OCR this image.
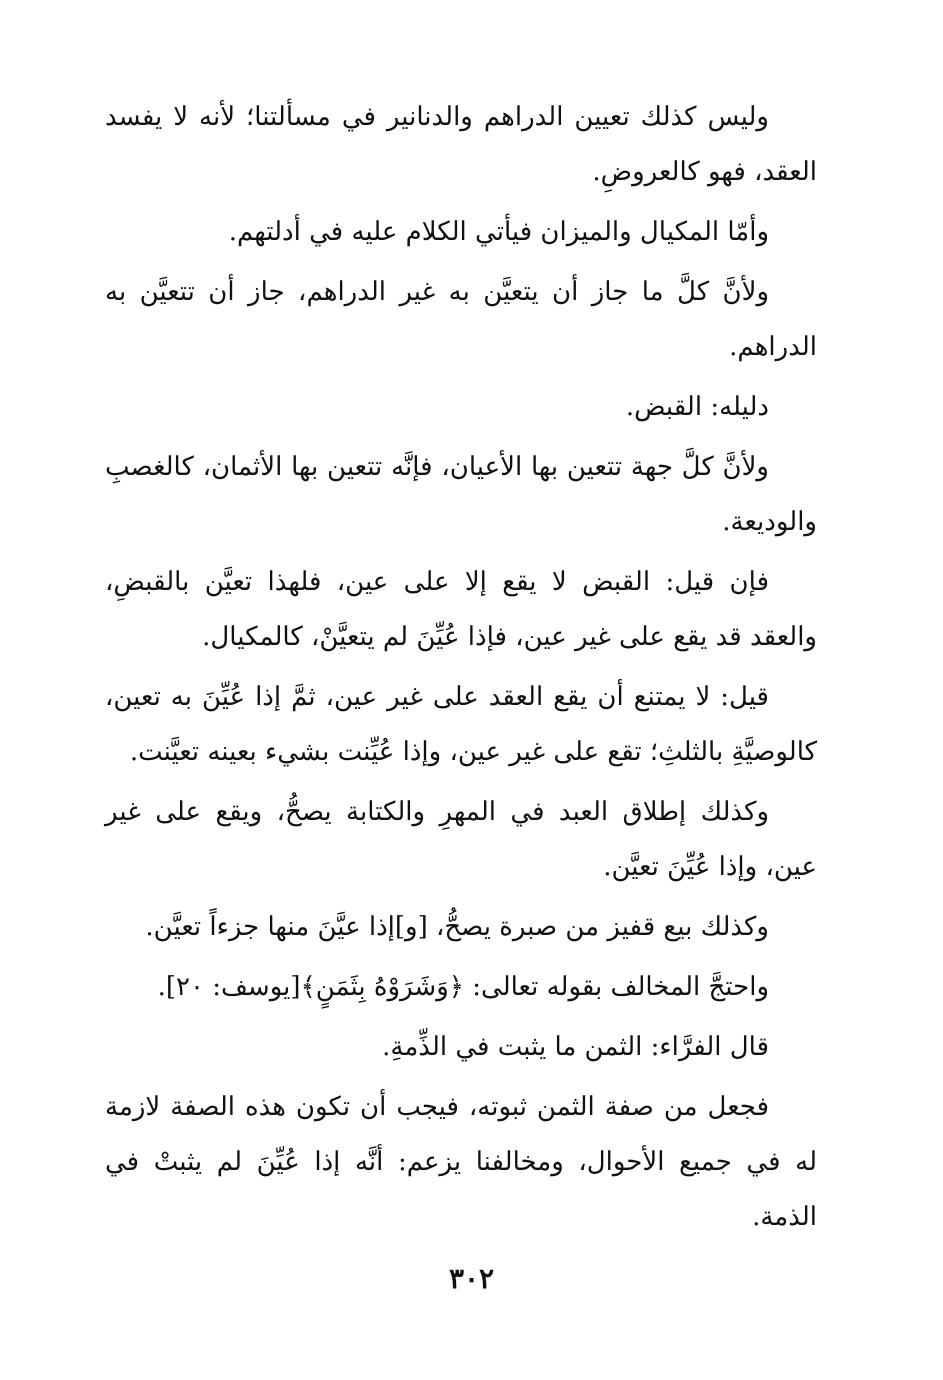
وليس كذلك تعيين الدراهم والدنانير في مسألتنا؛ لأنه لا يفسد العقد، فهو كالعروضِ.

وأمّا المكيال والميزان فيأتي الكلام عليه في أدلتهم.

ولأنَّ كلَّ ما جاز أن يتعيَّن به غير الدراهم، جاز أن تتعيَّن به الدراهم.

دليله: القبض.

ولأنَّ كلَّ جهة تتعين بها الأعيان، فإنَّه تتعين بها الأثمان، كالغصبِ والوديعة.

فإن قيل: القبض لا يقع إلا على عين، فلهذا تعيَّن بالقبضِ، والعقد قد يقع على غير عين، فإذا عُيِّنَ لم يتعيَّنْ، كالمكيال.

قيل: لا يمتنع أن يقع العقد على غير عين، ثمَّ إذا عُيِّنَ به تعين، كالوصيَّةِ بالثلثِ؛ تقع على غير عين، وإذا عُيِّنت بشيء بعينه تعيَّنت.

وكذلك إطلاق العبد في المهرِ والكتابة يصحُّ، ويقع على غير عين، وإذا عُيِّنَ تعيَّن.

وكذلك بيع قفيز من صبرة يصحُّ، [و]إذا عيَّنَ منها جزءاً تعيَّن.

واحتجَّ المخالف بقوله تعالى: ﴿وَشَرَوْهُ بِثَمَنٍ﴾[يوسف: ٢٠].

قال الفرَّاء: الثمن ما يثبت في الذِّمةِ.

فجعل من صفة الثمن ثبوته، فيجب أن تكون هذه الصفة لازمة له في جميع الأحوال، ومخالفنا يزعم: أنَّه إذا عُيِّنَ لم يثبتْ في الذمة.

٣٠٢
